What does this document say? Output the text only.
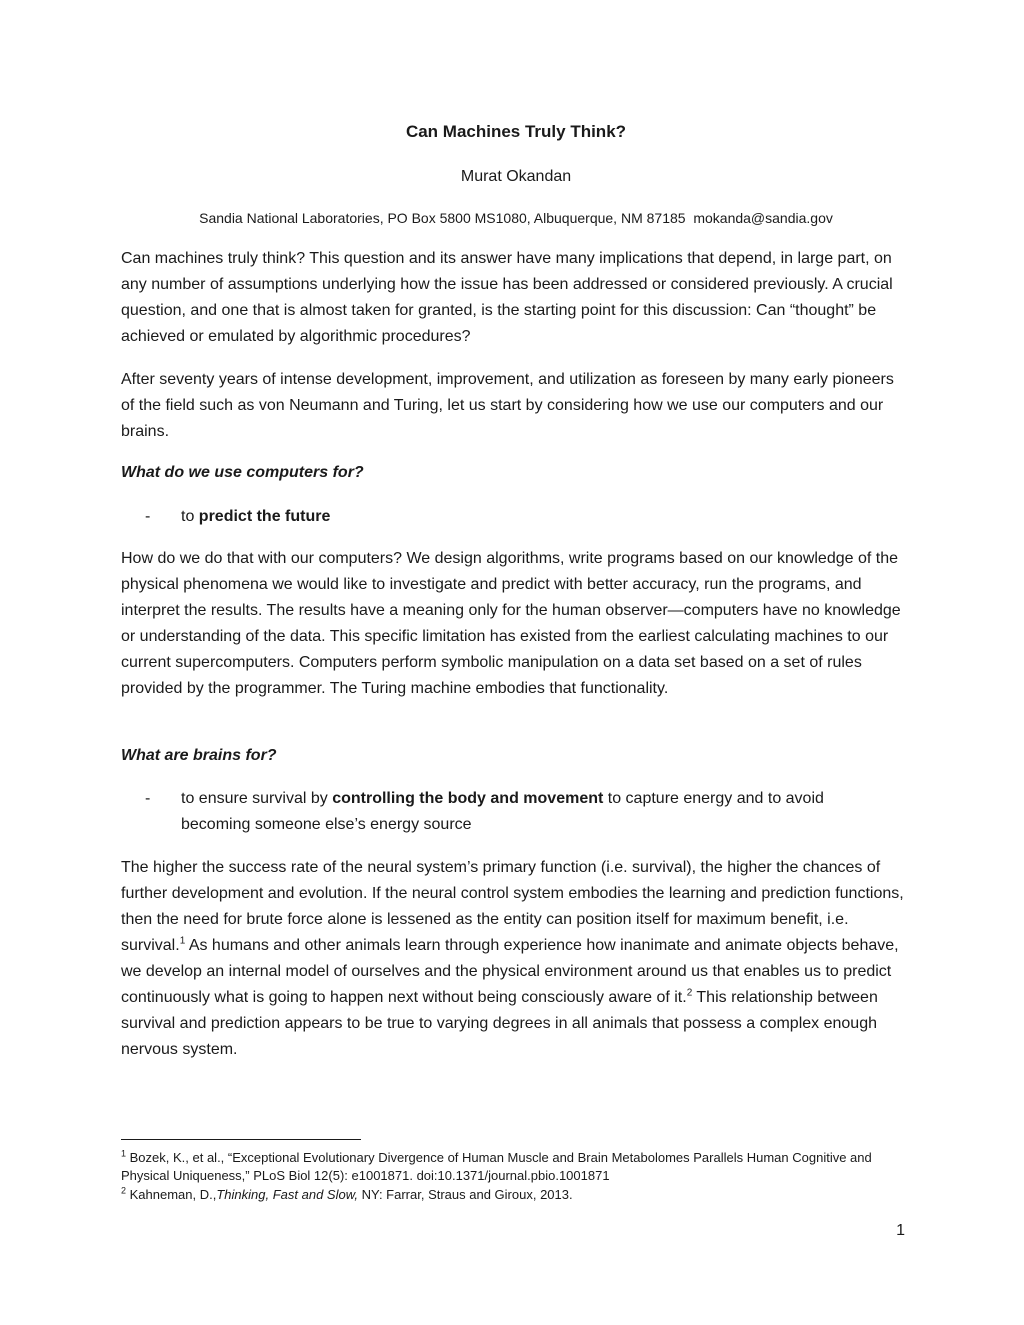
Can Machines Truly Think?
Murat Okandan
Sandia National Laboratories, PO Box 5800 MS1080, Albuquerque, NM 87185 mokanda@sandia.gov

Can machines truly think? This question and its answer have many implications that depend, in large part, on any number of assumptions underlying how the issue has been addressed or considered previously. A crucial question, and one that is almost taken for granted, is the starting point for this discussion: Can “thought” be achieved or emulated by algorithmic procedures?

After seventy years of intense development, improvement, and utilization as foreseen by many early pioneers of the field such as von Neumann and Turing, let us start by considering how we use our computers and our brains.

What do we use computers for?

- to predict the future

How do we do that with our computers? We design algorithms, write programs based on our knowledge of the physical phenomena we would like to investigate and predict with better accuracy, run the programs, and interpret the results. The results have a meaning only for the human observer—computers have no knowledge or understanding of the data. This specific limitation has existed from the earliest calculating machines to our current supercomputers. Computers perform symbolic manipulation on a data set based on a set of rules provided by the programmer. The Turing machine embodies that functionality.

What are brains for?

- to ensure survival by controlling the body and movement to capture energy and to avoid becoming someone else’s energy source

The higher the success rate of the neural system’s primary function (i.e. survival), the higher the chances of further development and evolution. If the neural control system embodies the learning and prediction functions, then the need for brute force alone is lessened as the entity can position itself for maximum benefit, i.e. survival.$^1$ As humans and other animals learn through experience how inanimate and animate objects behave, we develop an internal model of ourselves and the physical environment around us that enables us to predict continuously what is going to happen next without being consciously aware of it.$^2$ This relationship between survival and prediction appears to be true to varying degrees in all animals that possess a complex enough nervous system.

$^1$ Bozek, K., et al., “Exceptional Evolutionary Divergence of Human Muscle and Brain Metabolomes Parallels Human Cognitive and Physical Uniqueness,” PLoS Biol 12(5): e1001871. doi:10.1371/journal.pbio.1001871
$^2$ Kahneman, D.,Thinking, Fast and Slow, NY: Farrar, Straus and Giroux, 2013.
1
